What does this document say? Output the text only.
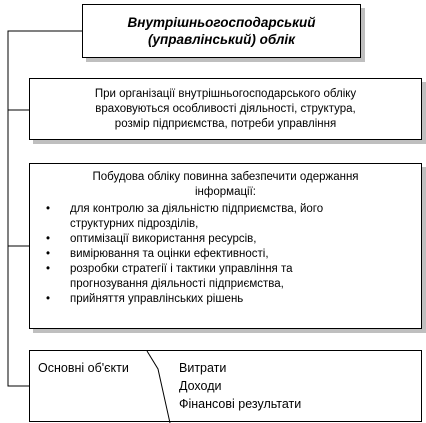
Внутрішньогосподарський
(управлінський) облік
При організації внутрішньогосподарського обліку
враховуються особливості діяльності, структура,
розмір підприємства, потреби управління
Побудова обліку повинна забезпечити одержання
інформації:
• для контролю за діяльністю підприємства, його
структурних підрозділів,
• оптимізації використання ресурсів,
• вимірювання та оцінки ефективності,
• розробки стратегії і тактики управління та
прогнозування діяльності підприємства,
• прийняття управлінських рішень
Основні об'єкти	Витрати
Доходи
Фінансові результати
